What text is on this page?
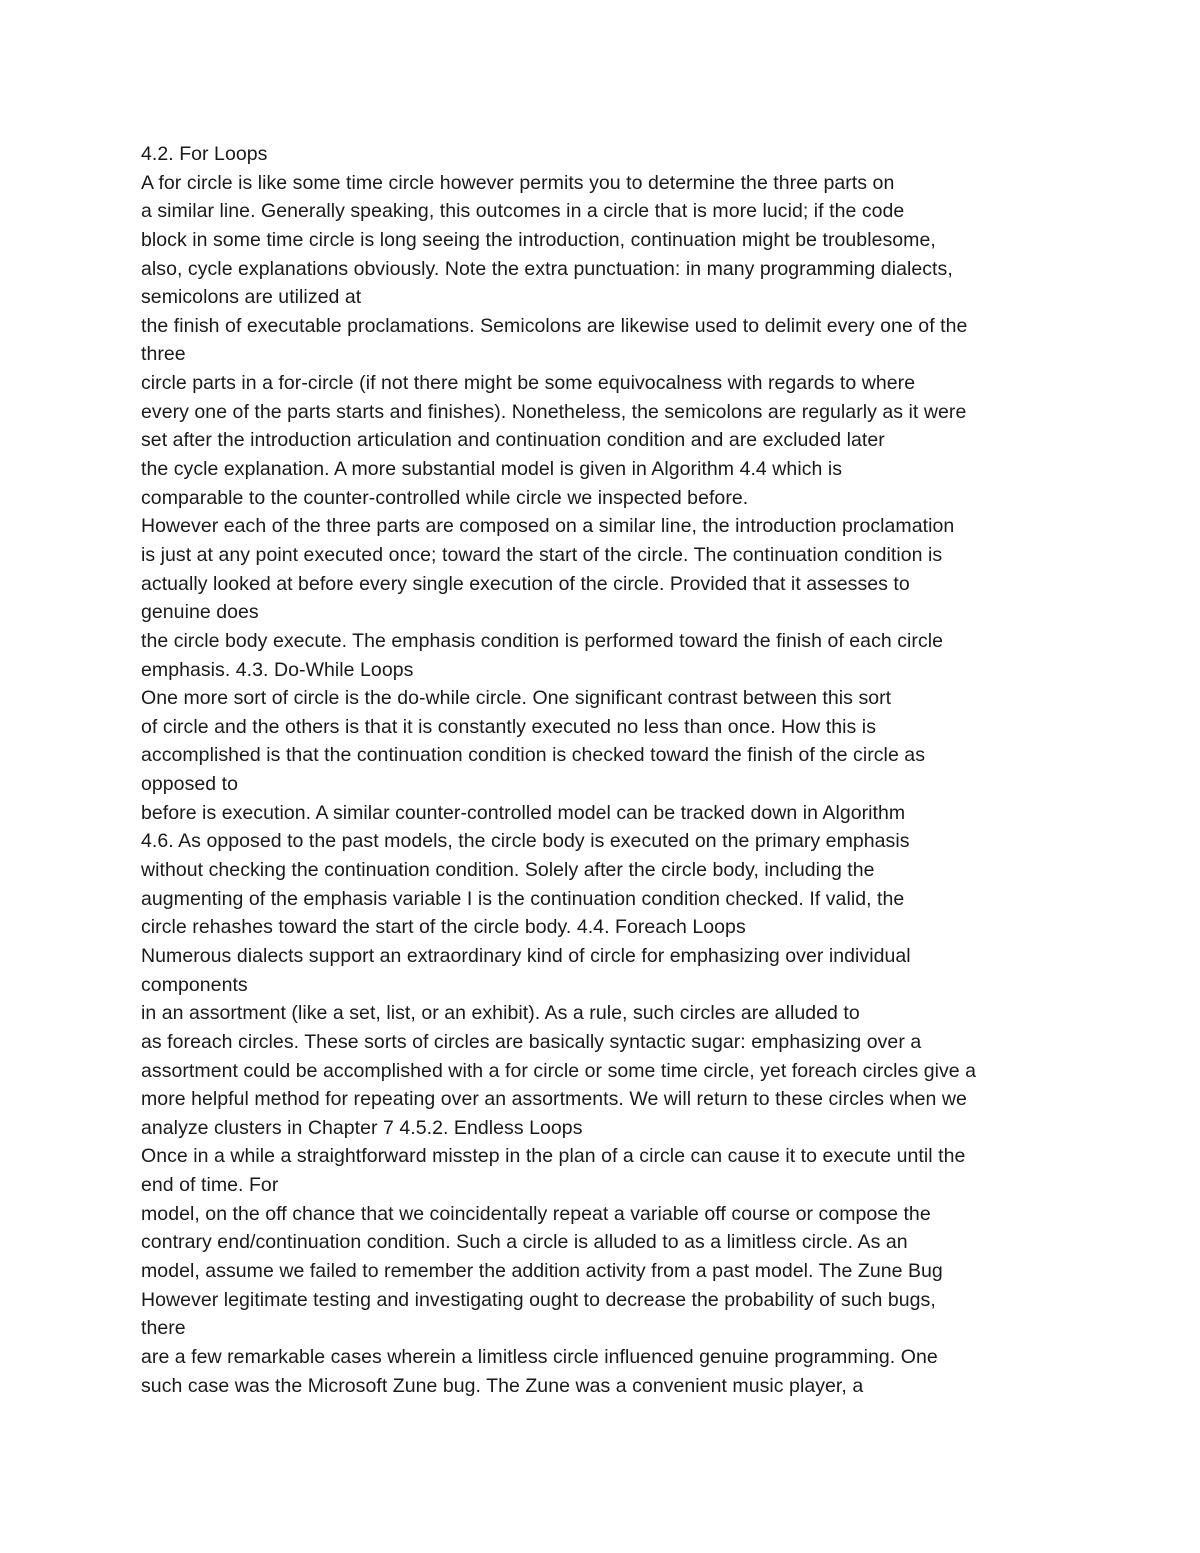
4.2. For Loops
A for circle is like some time circle however permits you to determine the three parts on
a similar line. Generally speaking, this outcomes in a circle that is more lucid; if the code
block in some time circle is long seeing the introduction, continuation might be troublesome,
also, cycle explanations obviously. Note the extra punctuation: in many programming dialects,
semicolons are utilized at
the finish of executable proclamations. Semicolons are likewise used to delimit every one of the
three
circle parts in a for-circle (if not there might be some equivocalness with regards to where
every one of the parts starts and finishes). Nonetheless, the semicolons are regularly as it were
set after the introduction articulation and continuation condition and are excluded later
the cycle explanation. A more substantial model is given in Algorithm 4.4 which is
comparable to the counter-controlled while circle we inspected before.
However each of the three parts are composed on a similar line, the introduction proclamation
is just at any point executed once; toward the start of the circle. The continuation condition is
actually looked at before every single execution of the circle. Provided that it assesses to
genuine does
the circle body execute. The emphasis condition is performed toward the finish of each circle
emphasis. 4.3. Do-While Loops
One more sort of circle is the do-while circle. One significant contrast between this sort
of circle and the others is that it is constantly executed no less than once. How this is
accomplished is that the continuation condition is checked toward the finish of the circle as
opposed to
before is execution. A similar counter-controlled model can be tracked down in Algorithm
4.6. As opposed to the past models, the circle body is executed on the primary emphasis
without checking the continuation condition. Solely after the circle body, including the
augmenting of the emphasis variable I is the continuation condition checked. If valid, the
circle rehashes toward the start of the circle body. 4.4. Foreach Loops
Numerous dialects support an extraordinary kind of circle for emphasizing over individual
components
in an assortment (like a set, list, or an exhibit). As a rule, such circles are alluded to
as foreach circles. These sorts of circles are basically syntactic sugar: emphasizing over a
assortment could be accomplished with a for circle or some time circle, yet foreach circles give a
more helpful method for repeating over an assortments. We will return to these circles when we
analyze clusters in Chapter 7 4.5.2. Endless Loops
Once in a while a straightforward misstep in the plan of a circle can cause it to execute until the
end of time. For
model, on the off chance that we coincidentally repeat a variable off course or compose the
contrary end/continuation condition. Such a circle is alluded to as a limitless circle. As an
model, assume we failed to remember the addition activity from a past model. The Zune Bug
However legitimate testing and investigating ought to decrease the probability of such bugs,
there
are a few remarkable cases wherein a limitless circle influenced genuine programming. One
such case was the Microsoft Zune bug. The Zune was a convenient music player, a
